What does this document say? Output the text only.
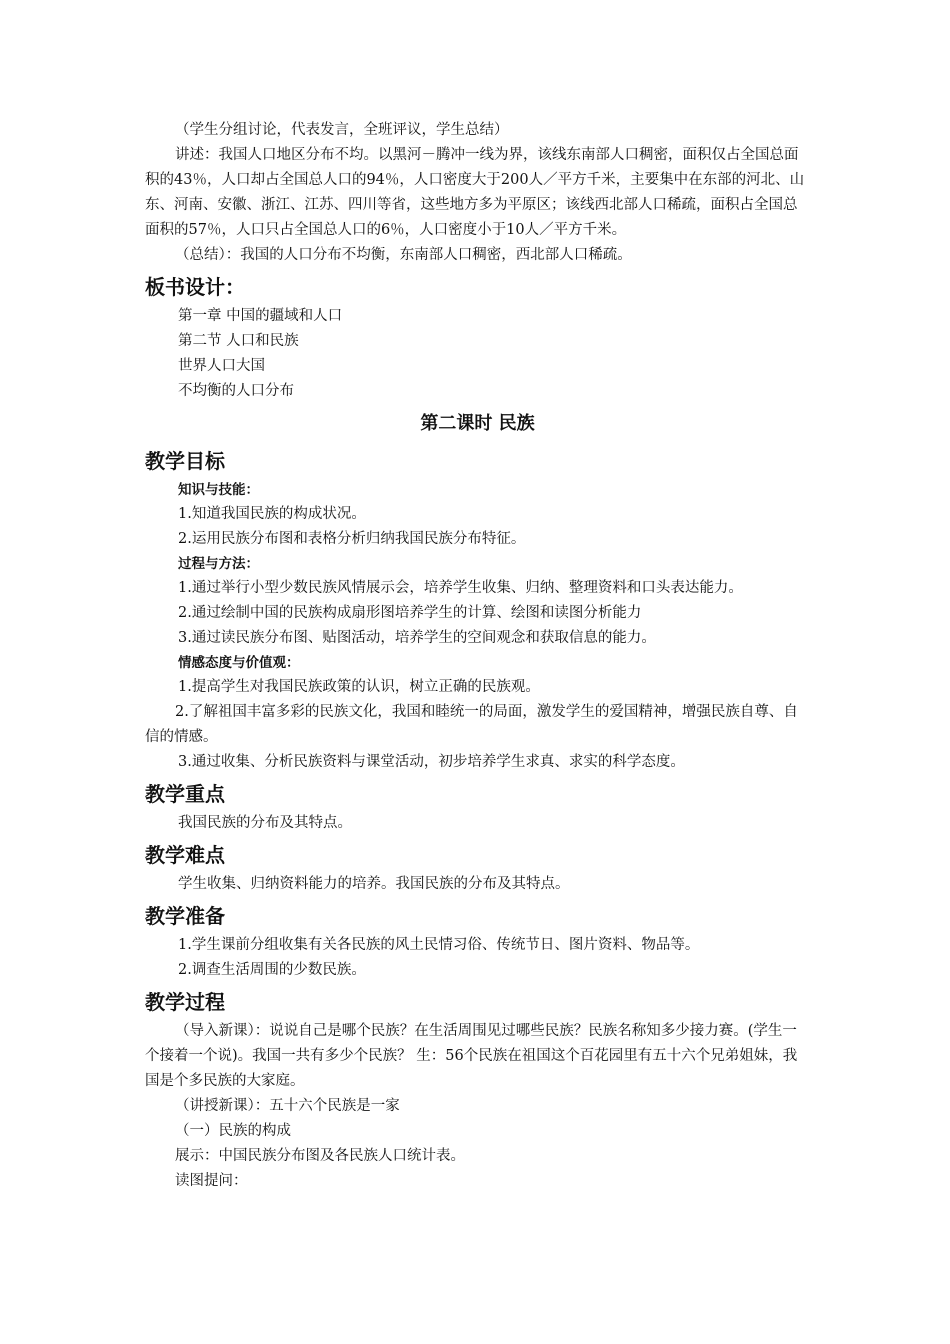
（学生分组讨论，代表发言，全班评议，学生总结）

讲述：我国人口地区分布不均。以黑河－腾冲一线为界，该线东南部人口稠密，面积仅占全国总面积的43％，人口却占全国总人口的94％，人口密度大于200人／平方千米，主要集中在东部的河北、山东、河南、安徽、浙江、江苏、四川等省，这些地方多为平原区；该线西北部人口稀疏，面积占全国总面积的57％，人口只占全国总人口的6％，人口密度小于10人／平方千米。

（总结）：我国的人口分布不均衡，东南部人口稠密，西北部人口稀疏。

板书设计：

第一章 中国的疆域和人口

第二节 人口和民族

世界人口大国

不均衡的人口分布

第二课时 民族

教学目标

知识与技能：

1.知道我国民族的构成状况。

2.运用民族分布图和表格分析归纳我国民族分布特征。

过程与方法：

1.通过举行小型少数民族风情展示会，培养学生收集、归纳、整理资料和口头表达能力。

2.通过绘制中国的民族构成扇形图培养学生的计算、绘图和读图分析能力

3.通过读民族分布图、贴图活动，培养学生的空间观念和获取信息的能力。

情感态度与价值观：

1.提高学生对我国民族政策的认识，树立正确的民族观。

2.了解祖国丰富多彩的民族文化，我国和睦统一的局面，激发学生的爱国精神，增强民族自尊、自信的情感。

3.通过收集、分析民族资料与课堂活动，初步培养学生求真、求实的科学态度。

教学重点

我国民族的分布及其特点。

教学难点

学生收集、归纳资料能力的培养。我国民族的分布及其特点。

教学准备

1.学生课前分组收集有关各民族的风土民情习俗、传统节日、图片资料、物品等。

2.调查生活周围的少数民族。

教学过程

（导入新课）：说说自己是哪个民族？在生活周围见过哪些民族？民族名称知多少接力赛。(学生一个接着一个说)。我国一共有多少个民族？ 生：56个民族在祖国这个百花园里有五十六个兄弟姐妹，我国是个多民族的大家庭。

（讲授新课）：五十六个民族是一家

（一）民族的构成

展示：中国民族分布图及各民族人口统计表。

读图提问：
